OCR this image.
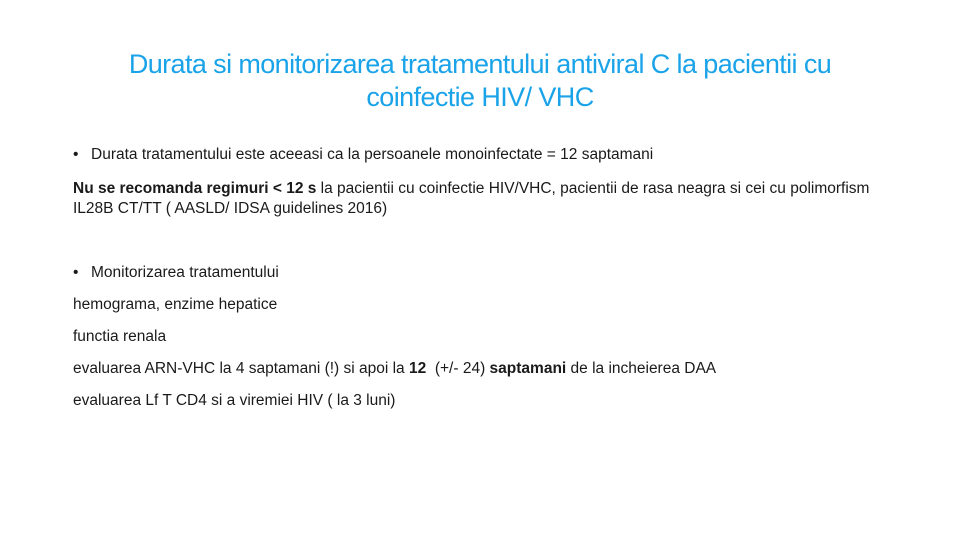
Durata si monitorizarea tratamentului antiviral C la pacientii cu
coinfectie HIV/ VHC

• Durata tratamentului este aceeasi ca la persoanele monoinfectate = 12 saptamani

Nu se recomanda regimuri < 12 s la pacientii cu coinfectie HIV/VHC, pacientii de rasa neagra si cei cu polimorfism IL28B CT/TT ( AASLD/ IDSA guidelines 2016)

• Monitorizarea tratamentului

hemograma, enzime hepatice

functia renala

evaluarea ARN-VHC la 4 saptamani (!) si apoi la 12  (+/- 24) saptamani de la incheierea DAA

evaluarea Lf T CD4 si a viremiei HIV ( la 3 luni)
